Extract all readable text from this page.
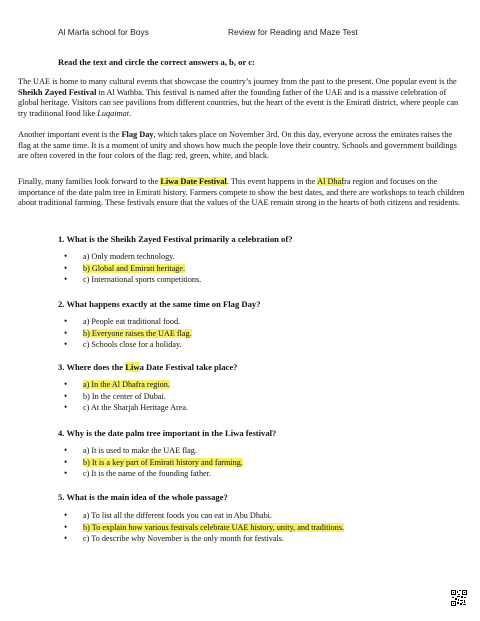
Al Marfa school for Boys	Review for Reading and Maze Test
Read the text and circle the correct answers a, b, or c:

The UAE is home to many cultural events that showcase the country’s journey from the past to the present. One popular event is the Sheikh Zayed Festival in Al Wathba. This festival is named after the founding father of the UAE and is a massive celebration of global heritage. Visitors can see pavilions from different countries, but the heart of the event is the Emirati district, where people can try traditional food like Luqaimat.

Another important event is the Flag Day, which takes place on November 3rd. On this day, everyone across the emirates raises the flag at the same time. It is a moment of unity and shows how much the people love their country. Schools and government buildings are often covered in the four colors of the flag: red, green, white, and black.

Finally, many families look forward to the Liwa Date Festival. This event happens in the Al Dhafra region and focuses on the importance of the date palm tree in Emirati history. Farmers compete to show the best dates, and there are workshops to teach children about traditional farming. These festivals ensure that the values of the UAE remain strong in the hearts of both citizens and residents.

1. What is the Sheikh Zayed Festival primarily a celebration of?
• a) Only modern technology.
• b) Global and Emirati heritage.
• c) International sports competitions.
2. What happens exactly at the same time on Flag Day?
• a) People eat traditional food.
• b) Everyone raises the UAE flag.
• c) Schools close for a holiday.
3. Where does the Liwa Date Festival take place?
• a) In the Al Dhafra region.
• b) In the center of Dubai.
• c) At the Sharjah Heritage Area.
4. Why is the date palm tree important in the Liwa festival?
• a) It is used to make the UAE flag.
• b) It is a key part of Emirati history and farming.
• c) It is the name of the founding father.
5. What is the main idea of the whole passage?
• a) To list all the different foods you can eat in Abu Dhabi.
• b) To explain how various festivals celebrate UAE history, unity, and traditions.
• c) To describe why November is the only month for festivals.
